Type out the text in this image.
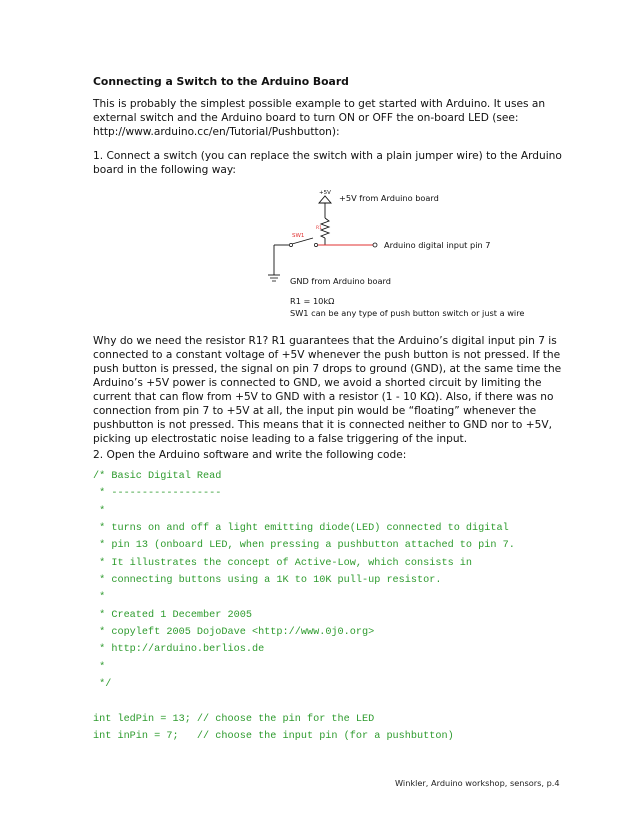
Connecting a Switch to the Arduino Board
This is probably the simplest possible example to get started with Arduino. It uses an
external switch and the Arduino board to turn ON or OFF the on-board LED (see:
http://www.arduino.cc/en/Tutorial/Pushbutton):
1. Connect a switch (you can replace the switch with a plain jumper wire) to the Arduino
board in the following way:
+5V +5V from Arduino board
R1
Arduino digital input pin 7
SW1
GND from Arduino board
R1 = 10kΩ
SW1 can be any type of push button switch or just a wire
Why do we need the resistor R1? R1 guarantees that the Arduino’s digital input pin 7 is
connected to a constant voltage of +5V whenever the push button is not pressed. If the
push button is pressed, the signal on pin 7 drops to ground (GND), at the same time the
Arduino’s +5V power is connected to GND, we avoid a shorted circuit by limiting the
current that can flow from +5V to GND with a resistor (1 - 10 KΩ). Also, if there was no
connection from pin 7 to +5V at all, the input pin would be “floating” whenever the
pushbutton is not pressed. This means that it is connected neither to GND nor to +5V,
picking up electrostatic noise leading to a false triggering of the input.
2. Open the Arduino software and write the following code:
/* Basic Digital Read
* ------------------
*
* turns on and off a light emitting diode(LED) connected to digital
* pin 13 (onboard LED, when pressing a pushbutton attached to pin 7.
* It illustrates the concept of Active-Low, which consists in
* connecting buttons using a 1K to 10K pull-up resistor.
*
* Created 1 December 2005
* copyleft 2005 DojoDave <http://www.0j0.org>
* http://arduino.berlios.de
*
*/
int ledPin = 13; // choose the pin for the LED
int inPin = 7;   // choose the input pin (for a pushbutton)
Winkler, Arduino workshop, sensors, p.4
